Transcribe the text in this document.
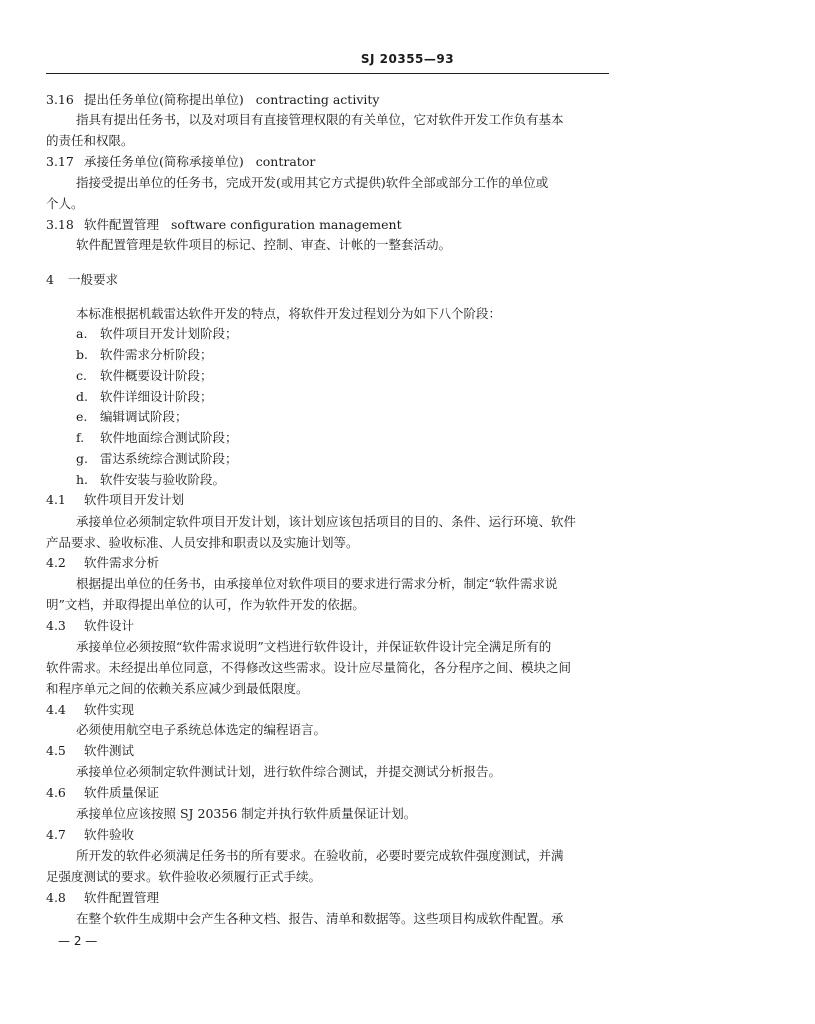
SJ 20355—93
3.16 提出任务单位(简称提出单位) contracting activity
指具有提出任务书，以及对项目有直接管理权限的有关单位，它对软件开发工作负有基本
的责任和权限。
3.17 承接任务单位(简称承接单位) contrator
指接受提出单位的任务书，完成开发(或用其它方式提供)软件全部或部分工作的单位或
个人。
3.18 软件配置管理 software configuration management
软件配置管理是软件项目的标记、控制、审查、计帐的一整套活动。
4 一般要求
本标准根据机载雷达软件开发的特点，将软件开发过程划分为如下八个阶段：
a. 软件项目开发计划阶段；
b. 软件需求分析阶段；
c. 软件概要设计阶段；
d. 软件详细设计阶段；
e. 编辑调试阶段；
f. 软件地面综合测试阶段；
g. 雷达系统综合测试阶段；
h. 软件安装与验收阶段。
4.1 软件项目开发计划
承接单位必须制定软件项目开发计划，该计划应该包括项目的目的、条件、运行环境、软件
产品要求、验收标准、人员安排和职责以及实施计划等。
4.2 软件需求分析
根据提出单位的任务书，由承接单位对软件项目的要求进行需求分析，制定“软件需求说
明”文档，并取得提出单位的认可，作为软件开发的依据。
4.3 软件设计
承接单位必须按照“软件需求说明”文档进行软件设计，并保证软件设计完全满足所有的
软件需求。未经提出单位同意，不得修改这些需求。设计应尽量简化，各分程序之间、模块之间
和程序单元之间的依赖关系应减少到最低限度。
4.4 软件实现
必须使用航空电子系统总体选定的编程语言。
4.5 软件测试
承接单位必须制定软件测试计划，进行软件综合测试，并提交测试分析报告。
4.6 软件质量保证
承接单位应该按照 SJ 20356 制定并执行软件质量保证计划。
4.7 软件验收
所开发的软件必须满足任务书的所有要求。在验收前，必要时要完成软件强度测试，并满
足强度测试的要求。软件验收必须履行正式手续。
4.8 软件配置管理
在整个软件生成期中会产生各种文档、报告、清单和数据等。这些项目构成软件配置。承
— 2 —
